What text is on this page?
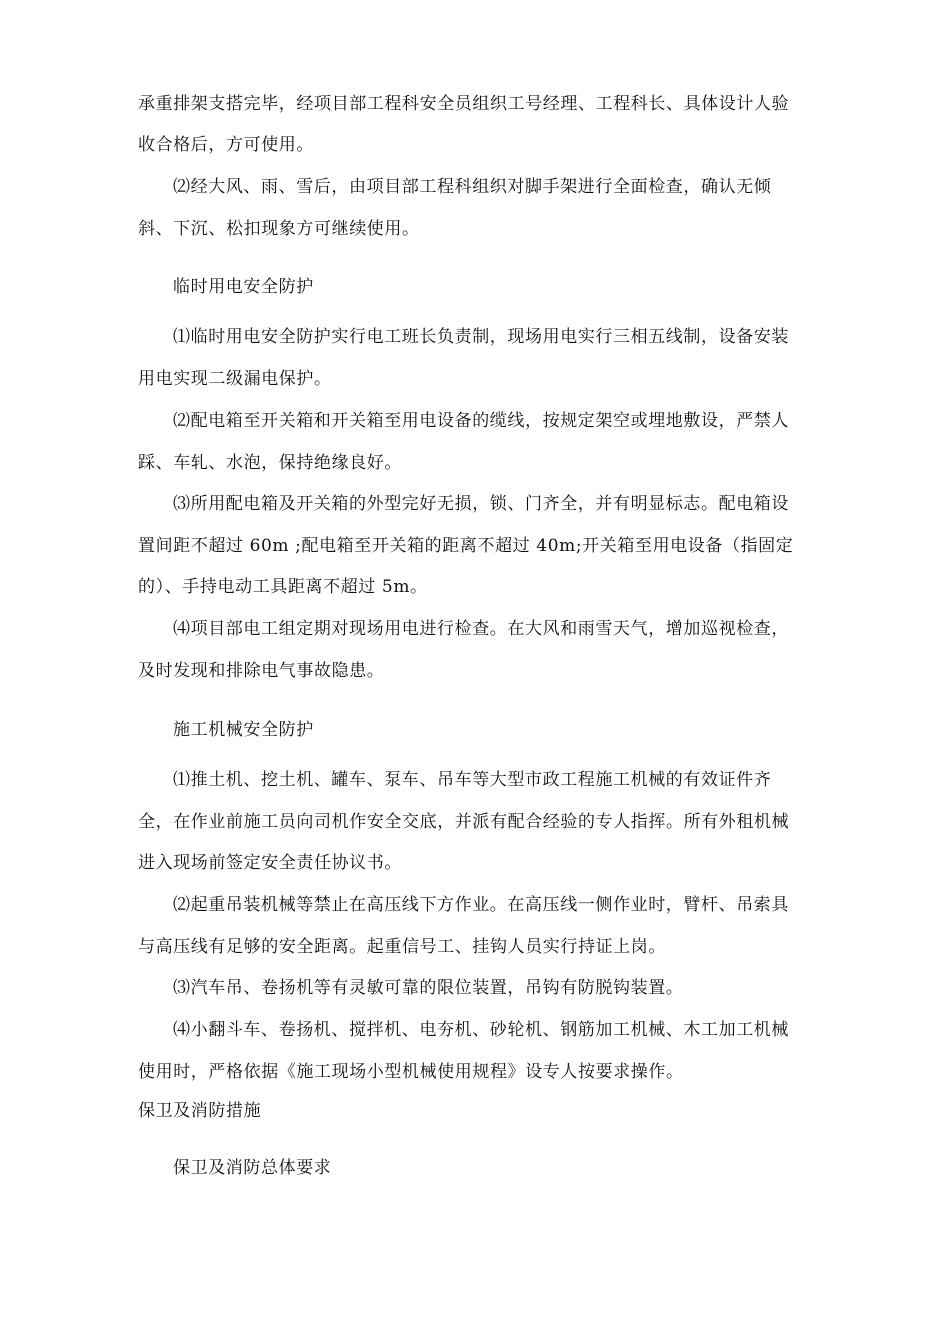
承重排架支搭完毕，经项目部工程科安全员组织工号经理、工程科长、具体设计人验
收合格后，方可使用。
⑵经大风、雨、雪后，由项目部工程科组织对脚手架进行全面检查，确认无倾
斜、下沉、松扣现象方可继续使用。
临时用电安全防护
⑴临时用电安全防护实行电工班长负责制，现场用电实行三相五线制，设备安装
用电实现二级漏电保护。
⑵配电箱至开关箱和开关箱至用电设备的缆线，按规定架空或埋地敷设，严禁人
踩、车轧、水泡，保持绝缘良好。
⑶所用配电箱及开关箱的外型完好无损，锁、门齐全，并有明显标志。配电箱设
置间距不超过 60m ;配电箱至开关箱的距离不超过 40m;开关箱至用电设备（指固定
的）、手持电动工具距离不超过 5m。
⑷项目部电工组定期对现场用电进行检查。在大风和雨雪天气，增加巡视检查，
及时发现和排除电气事故隐患。
施工机械安全防护
⑴推土机、挖土机、罐车、泵车、吊车等大型市政工程施工机械的有效证件齐
全，在作业前施工员向司机作安全交底，并派有配合经验的专人指挥。所有外租机械
进入现场前签定安全责任协议书。
⑵起重吊装机械等禁止在高压线下方作业。在高压线一侧作业时，臂杆、吊索具
与高压线有足够的安全距离。起重信号工、挂钩人员实行持证上岗。
⑶汽车吊、卷扬机等有灵敏可靠的限位装置，吊钩有防脱钩装置。
⑷小翻斗车、卷扬机、搅拌机、电夯机、砂轮机、钢筋加工机械、木工加工机械
使用时，严格依据《施工现场小型机械使用规程》设专人按要求操作。
保卫及消防措施
保卫及消防总体要求
